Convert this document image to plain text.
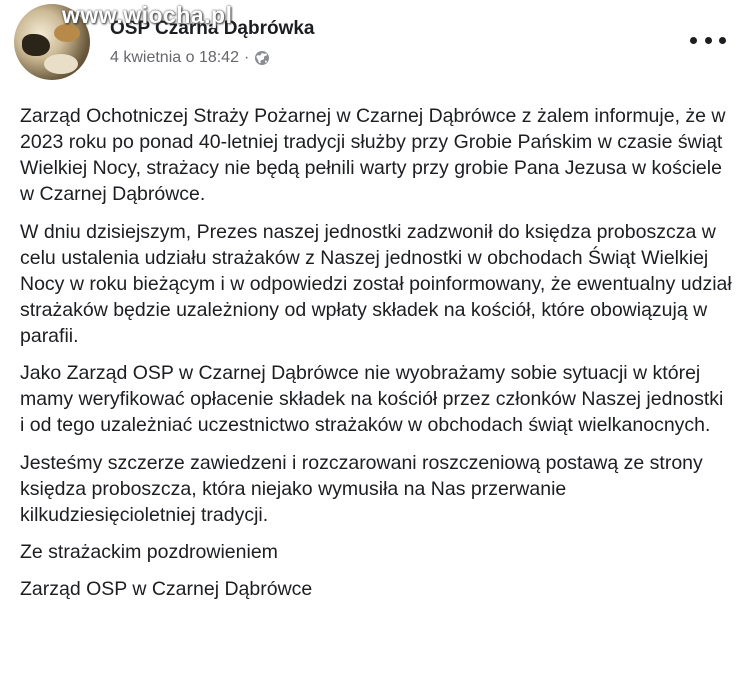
OSP Czarna Dąbrówka
www.wiocha.pl
4 kwietnia o 18:42 ·

Zarząd Ochotniczej Straży Pożarnej w Czarnej Dąbrówce z żalem informuje, że w 2023 roku po ponad 40-letniej tradycji służby przy Grobie Pańskim w czasie świąt Wielkiej Nocy, strażacy nie będą pełnili warty przy grobie Pana Jezusa w kościele w Czarnej Dąbrówce.

W dniu dzisiejszym, Prezes naszej jednostki zadzwonił do księdza proboszcza w celu ustalenia udziału strażaków z Naszej jednostki w obchodach Świąt Wielkiej Nocy w roku bieżącym i w odpowiedzi został poinformowany, że ewentualny udział strażaków będzie uzależniony od wpłaty składek na kościół, które obowiązują w parafii.

Jako Zarząd OSP w Czarnej Dąbrówce nie wyobrażamy sobie sytuacji w której mamy weryfikować opłacenie składek na kościół przez członków Naszej jednostki i od tego uzależniać uczestnictwo strażaków w obchodach świąt wielkanocnych.

Jesteśmy szczerze zawiedzeni i rozczarowani roszczeniową postawą ze strony księdza proboszcza, która niejako wymusiła na Nas przerwanie kilkudziesięcioletniej tradycji.

Ze strażackim pozdrowieniem

Zarząd OSP w Czarnej Dąbrówce
